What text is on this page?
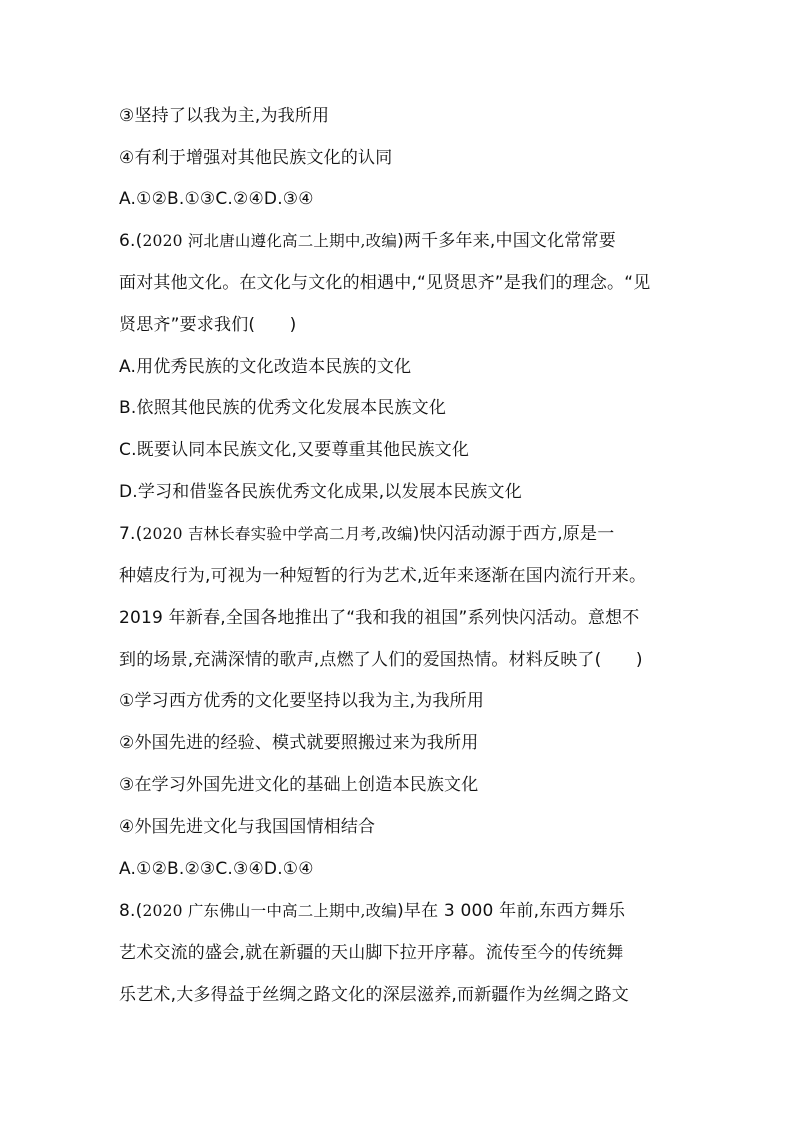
③坚持了以我为主,为我所用
④有利于增强对其他民族文化的认同
A.①②B.①③C.②④D.③④
6.(2020 河北唐山遵化高二上期中,改编)两千多年来,中国文化常常要
面对其他文化。在文化与文化的相遇中,“见贤思齐”是我们的理念。“见
贤思齐”要求我们(　　)
A.用优秀民族的文化改造本民族的文化
B.依照其他民族的优秀文化发展本民族文化
C.既要认同本民族文化,又要尊重其他民族文化
D.学习和借鉴各民族优秀文化成果,以发展本民族文化
7.(2020 吉林长春实验中学高二月考,改编)快闪活动源于西方,原是一
种嬉皮行为,可视为一种短暂的行为艺术,近年来逐渐在国内流行开来。
2019 年新春,全国各地推出了“我和我的祖国”系列快闪活动。意想不
到的场景,充满深情的歌声,点燃了人们的爱国热情。材料反映了(　　)
①学习西方优秀的文化要坚持以我为主,为我所用
②外国先进的经验、模式就要照搬过来为我所用
③在学习外国先进文化的基础上创造本民族文化
④外国先进文化与我国国情相结合
A.①②B.②③C.③④D.①④
8.(2020 广东佛山一中高二上期中,改编)早在 3 000 年前,东西方舞乐
艺术交流的盛会,就在新疆的天山脚下拉开序幕。流传至今的传统舞
乐艺术,大多得益于丝绸之路文化的深层滋养,而新疆作为丝绸之路文
